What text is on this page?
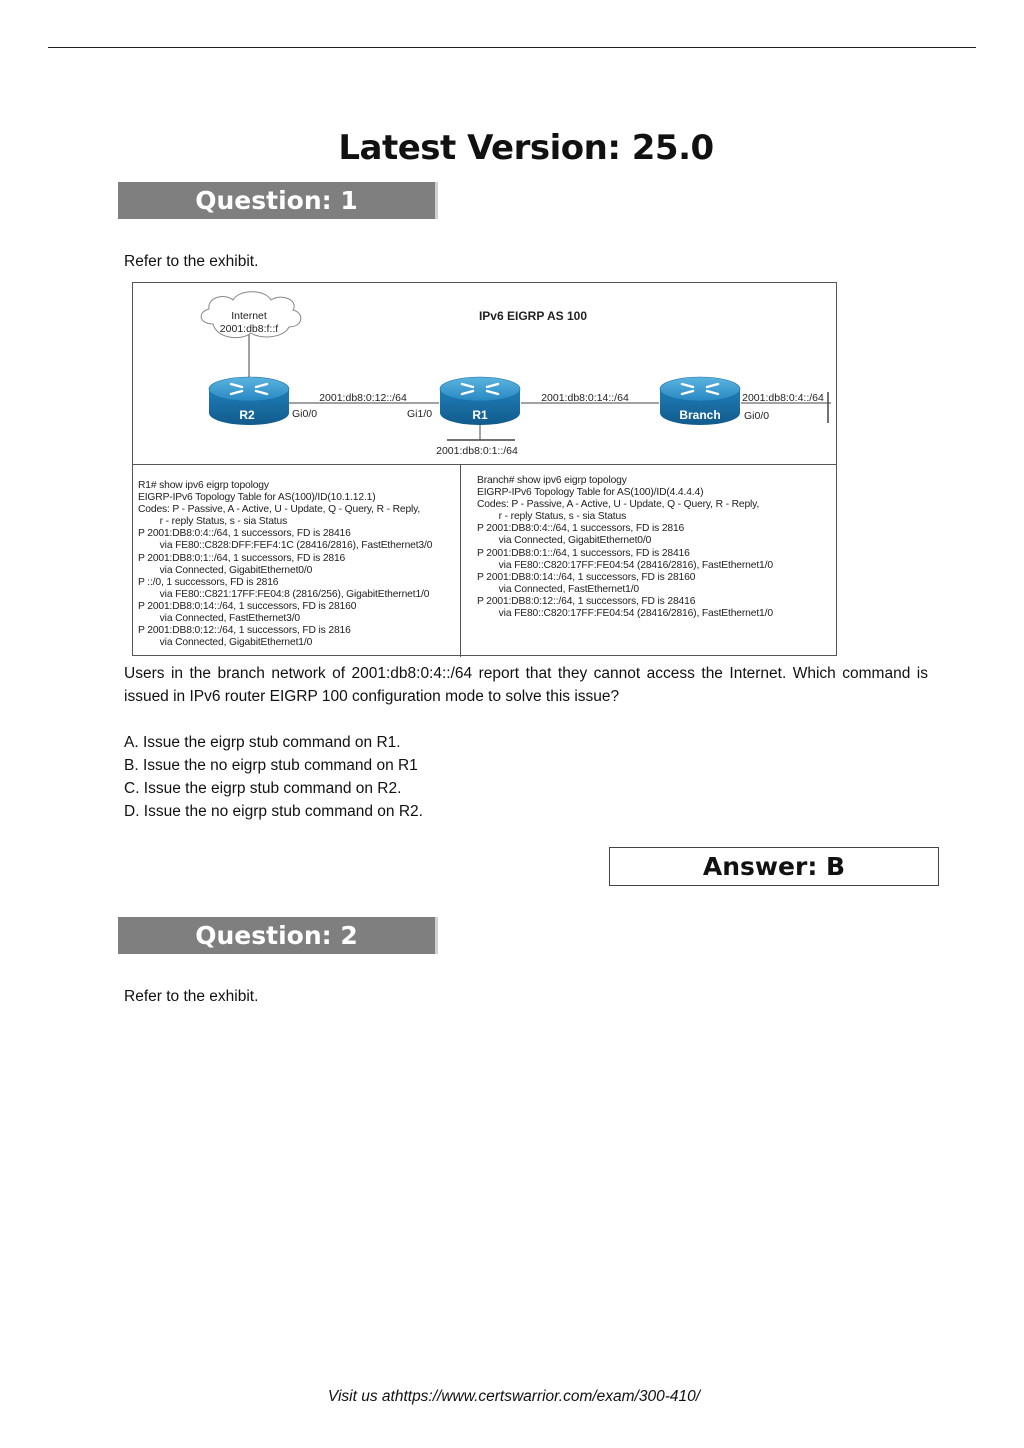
Latest Version: 25.0
Question: 1
Refer to the exhibit.
Internet
2001:db8:f::f
IPv6 EIGRP AS 100
R2	R1	Branch
2001:db8:0:12::/64	2001:db8:0:14::/64	2001:db8:0:4::/64
2001:db8:0:1::/64
Gi0/0	Gi1/0	Gi0/0
R1# show ipv6 eigrp topology
EIGRP-IPv6 Topology Table for AS(100)/ID(10.1.12.1)
Codes: P - Passive, A - Active, U - Update, Q - Query, R - Reply,
r - reply Status, s - sia Status
P 2001:DB8:0:4::/64, 1 successors, FD is 28416
via FE80::C828:DFF:FEF4:1C (28416/2816), FastEthernet3/0
P 2001:DB8:0:1::/64, 1 successors, FD is 2816
via Connected, GigabitEthernet0/0
P ::/0, 1 successors, FD is 2816
via FE80::C821:17FF:FE04:8 (2816/256), GigabitEthernet1/0
P 2001:DB8:0:14::/64, 1 successors, FD is 28160
via Connected, FastEthernet3/0
P 2001:DB8:0:12::/64, 1 successors, FD is 2816
via Connected, GigabitEthernet1/0
Branch# show ipv6 eigrp topology
EIGRP-IPv6 Topology Table for AS(100)/ID(4.4.4.4)
Codes: P - Passive, A - Active, U - Update, Q - Query, R - Reply,
r - reply Status, s - sia Status
P 2001:DB8:0:4::/64, 1 successors, FD is 2816
via Connected, GigabitEthernet0/0
P 2001:DB8:0:1::/64, 1 successors, FD is 28416
via FE80::C820:17FF:FE04:54 (28416/2816), FastEthernet1/0
P 2001:DB8:0:14::/64, 1 successors, FD is 28160
via Connected, FastEthernet1/0
P 2001:DB8:0:12::/64, 1 successors, FD is 28416
via FE80::C820:17FF:FE04:54 (28416/2816), FastEthernet1/0
Users in the branch network of 2001:db8:0:4::/64 report that they cannot access the Internet. Which command is issued in IPv6 router EIGRP 100 configuration mode to solve this issue?
A. Issue the eigrp stub command on R1.
B. Issue the no eigrp stub command on R1
C. Issue the eigrp stub command on R2.
D. Issue the no eigrp stub command on R2.
Answer: B
Question: 2
Refer to the exhibit.
Visit us athttps://www.certswarrior.com/exam/300-410/
